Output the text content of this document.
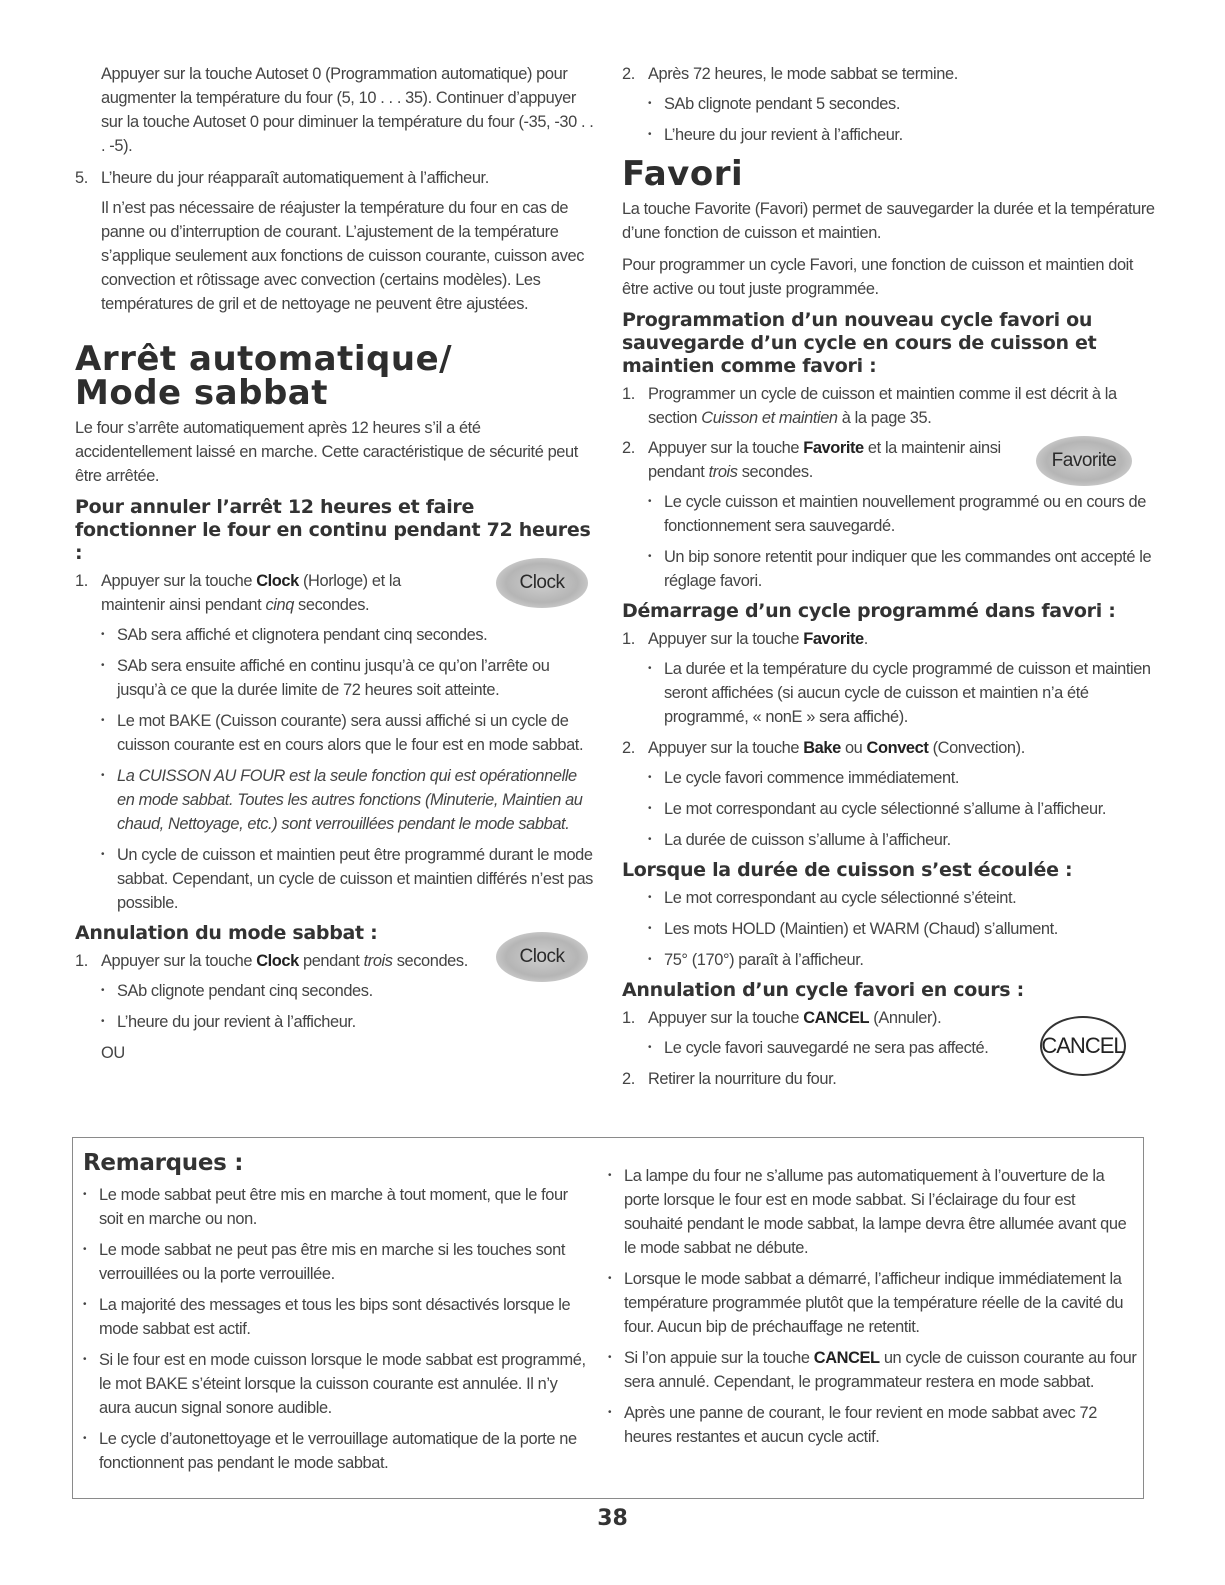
Appuyer sur la touche Autoset 0 (Programmation automatique) pour augmenter la température du four (5, 10 . . . 35). Continuer d’appuyer sur la touche Autoset 0 pour diminuer la température du four (-35, -30 . . . -5).

5. L’heure du jour réapparaît automatiquement à l’afficheur.

Il n’est pas nécessaire de réajuster la température du four en cas de panne ou d’interruption de courant. L’ajustement de la température s’applique seulement aux fonctions de cuisson courante, cuisson avec convection et rôtissage avec convection (certains modèles). Les températures de gril et de nettoyage ne peuvent être ajustées.

Arrêt automatique/
Mode sabbat

Le four s’arrête automatiquement après 12 heures s’il a été accidentellement laissé en marche. Cette caractéristique de sécurité peut être arrêtée.

Pour annuler l’arrêt 12 heures et faire fonctionner le four en continu pendant 72 heures :
1. Appuyer sur la touche Clock (Horloge) et la maintenir ainsi pendant cinq secondes.
• SAb sera affiché et clignotera pendant cinq secondes.
• SAb sera ensuite affiché en continu jusqu’à ce qu’on l’arrête ou jusqu’à ce que la durée limite de 72 heures soit atteinte.
• Le mot BAKE (Cuisson courante) sera aussi affiché si un cycle de cuisson courante est en cours alors que le four est en mode sabbat.
• La CUISSON AU FOUR est la seule fonction qui est opérationnelle en mode sabbat. Toutes les autres fonctions (Minuterie, Maintien au chaud, Nettoyage, etc.) sont verrouillées pendant le mode sabbat.
• Un cycle de cuisson et maintien peut être programmé durant le mode sabbat. Cependant, un cycle de cuisson et maintien différés n’est pas possible.
Annulation du mode sabbat :
1. Appuyer sur la touche Clock pendant trois secondes.
• SAb clignote pendant cinq secondes.
• L’heure du jour revient à l’afficheur.

OU

Clock
Clock
2. Après 72 heures, le mode sabbat se termine.
• SAb clignote pendant 5 secondes.
• L’heure du jour revient à l’afficheur.
Favori

La touche Favorite (Favori) permet de sauvegarder la durée et la température d’une fonction de cuisson et maintien.

Pour programmer un cycle Favori, une fonction de cuisson et maintien doit être active ou tout juste programmée.

Programmation d’un nouveau cycle favori ou sauvegarde d’un cycle en cours de cuisson et maintien comme favori :
1. Programmer un cycle de cuisson et maintien comme il est décrit à la section Cuisson et maintien à la page 35.
2. Appuyer sur la touche Favorite et la maintenir ainsi pendant trois secondes.
• Le cycle cuisson et maintien nouvellement programmé ou en cours de fonctionnement sera sauvegardé.
• Un bip sonore retentit pour indiquer que les commandes ont accepté le réglage favori.
Démarrage d’un cycle programmé dans favori :
1. Appuyer sur la touche Favorite.
• La durée et la température du cycle programmé de cuisson et maintien seront affichées (si aucun cycle de cuisson et maintien n’a été programmé, « nonE » sera affiché).
2. Appuyer sur la touche Bake ou Convect (Convection).
• Le cycle favori commence immédiatement.
• Le mot correspondant au cycle sélectionné s’allume à l’afficheur.
• La durée de cuisson s’allume à l’afficheur.
Lorsque la durée de cuisson s’est écoulée :
• Le mot correspondant au cycle sélectionné s’éteint.
• Les mots HOLD (Maintien) et WARM (Chaud) s’allument.
• 75° (170°) paraît à l’afficheur.
Annulation d’un cycle favori en cours :
1. Appuyer sur la touche CANCEL (Annuler).
• Le cycle favori sauvegardé ne sera pas affecté.
2. Retirer la nourriture du four.
Favorite
CANCEL
Remarques :
• Le mode sabbat peut être mis en marche à tout moment, que le four soit en marche ou non.
• Le mode sabbat ne peut pas être mis en marche si les touches sont verrouillées ou la porte verrouillée.
• La majorité des messages et tous les bips sont désactivés lorsque le mode sabbat est actif.
• Si le four est en mode cuisson lorsque le mode sabbat est programmé, le mot BAKE s’éteint lorsque la cuisson courante est annulée. Il n’y aura aucun signal sonore audible.
• Le cycle d’autonettoyage et le verrouillage automatique de la porte ne fonctionnent pas pendant le mode sabbat.
• La lampe du four ne s’allume pas automatiquement à l’ouverture de la porte lorsque le four est en mode sabbat. Si l’éclairage du four est souhaité pendant le mode sabbat, la lampe devra être allumée avant que le mode sabbat ne débute.
• Lorsque le mode sabbat a démarré, l’afficheur indique immédiatement la température programmée plutôt que la température réelle de la cavité du four. Aucun bip de préchauffage ne retentit.
• Si l’on appuie sur la touche CANCEL un cycle de cuisson courante au four sera annulé. Cependant, le programmateur restera en mode sabbat.
• Après une panne de courant, le four revient en mode sabbat avec 72 heures restantes et aucun cycle actif.
38
